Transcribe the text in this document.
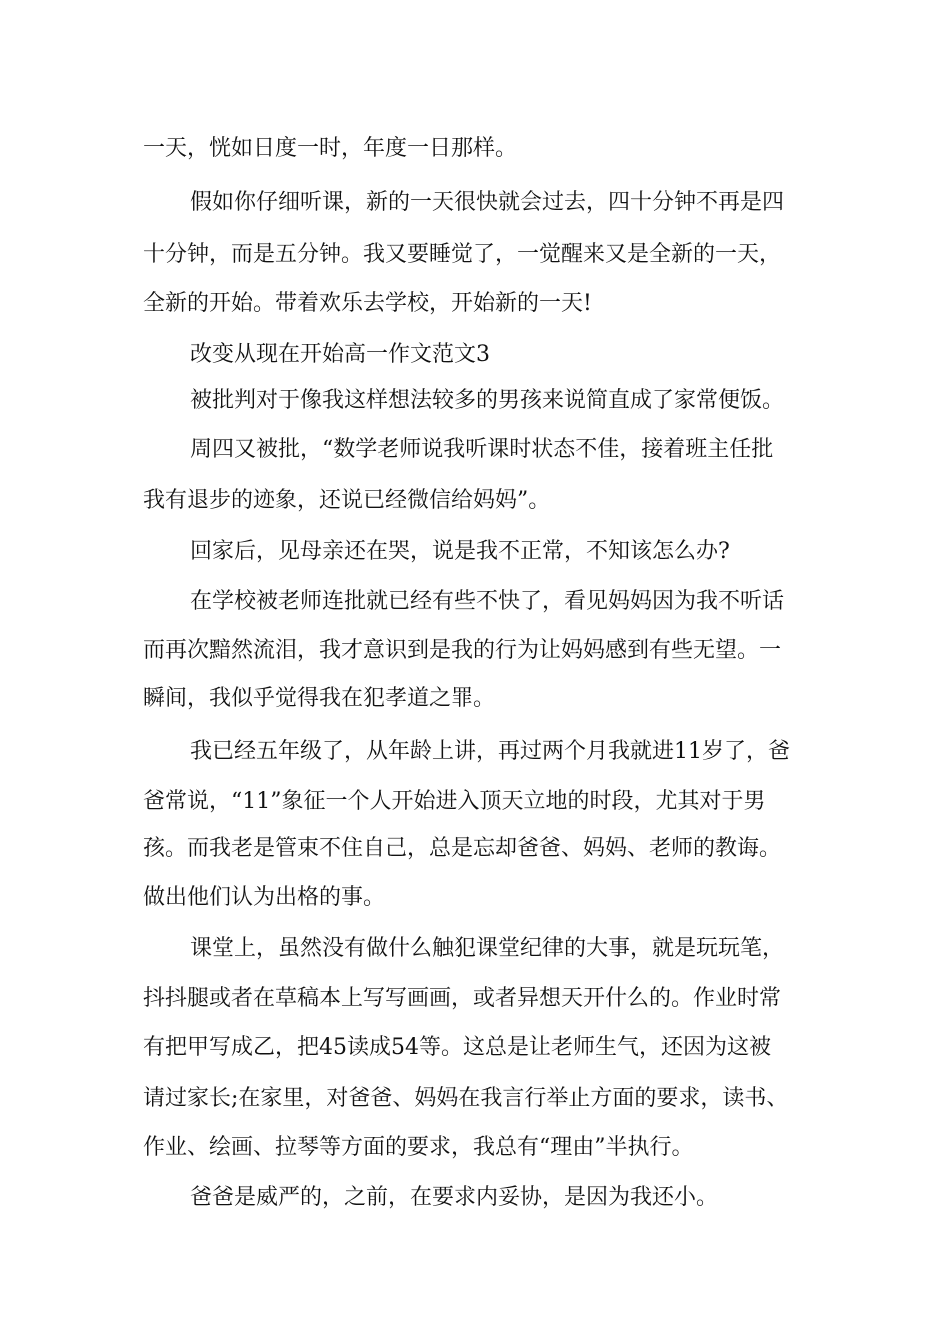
一天，恍如日度一时，年度一日那样。
假如你仔细听课，新的一天很快就会过去，四十分钟不再是四
十分钟，而是五分钟。我又要睡觉了，一觉醒来又是全新的一天，
全新的开始。带着欢乐去学校，开始新的一天!
改变从现在开始高一作文范文3
被批判对于像我这样想法较多的男孩来说简直成了家常便饭。
周四又被批，“数学老师说我听课时状态不佳，接着班主任批
我有退步的迹象，还说已经微信给妈妈”。
回家后，见母亲还在哭，说是我不正常，不知该怎么办?
在学校被老师连批就已经有些不快了，看见妈妈因为我不听话
而再次黯然流泪，我才意识到是我的行为让妈妈感到有些无望。一
瞬间，我似乎觉得我在犯孝道之罪。
我已经五年级了，从年龄上讲，再过两个月我就进11岁了，爸
爸常说，“11”象征一个人开始进入顶天立地的时段，尤其对于男
孩。而我老是管束不住自己，总是忘却爸爸、妈妈、老师的教诲。
做出他们认为出格的事。
课堂上，虽然没有做什么触犯课堂纪律的大事，就是玩玩笔，
抖抖腿或者在草稿本上写写画画，或者异想天开什么的。作业时常
有把甲写成乙，把45读成54等。这总是让老师生气，还因为这被
请过家长;在家里，对爸爸、妈妈在我言行举止方面的要求，读书、
作业、绘画、拉琴等方面的要求，我总有“理由”半执行。
爸爸是威严的，之前，在要求内妥协，是因为我还小。
